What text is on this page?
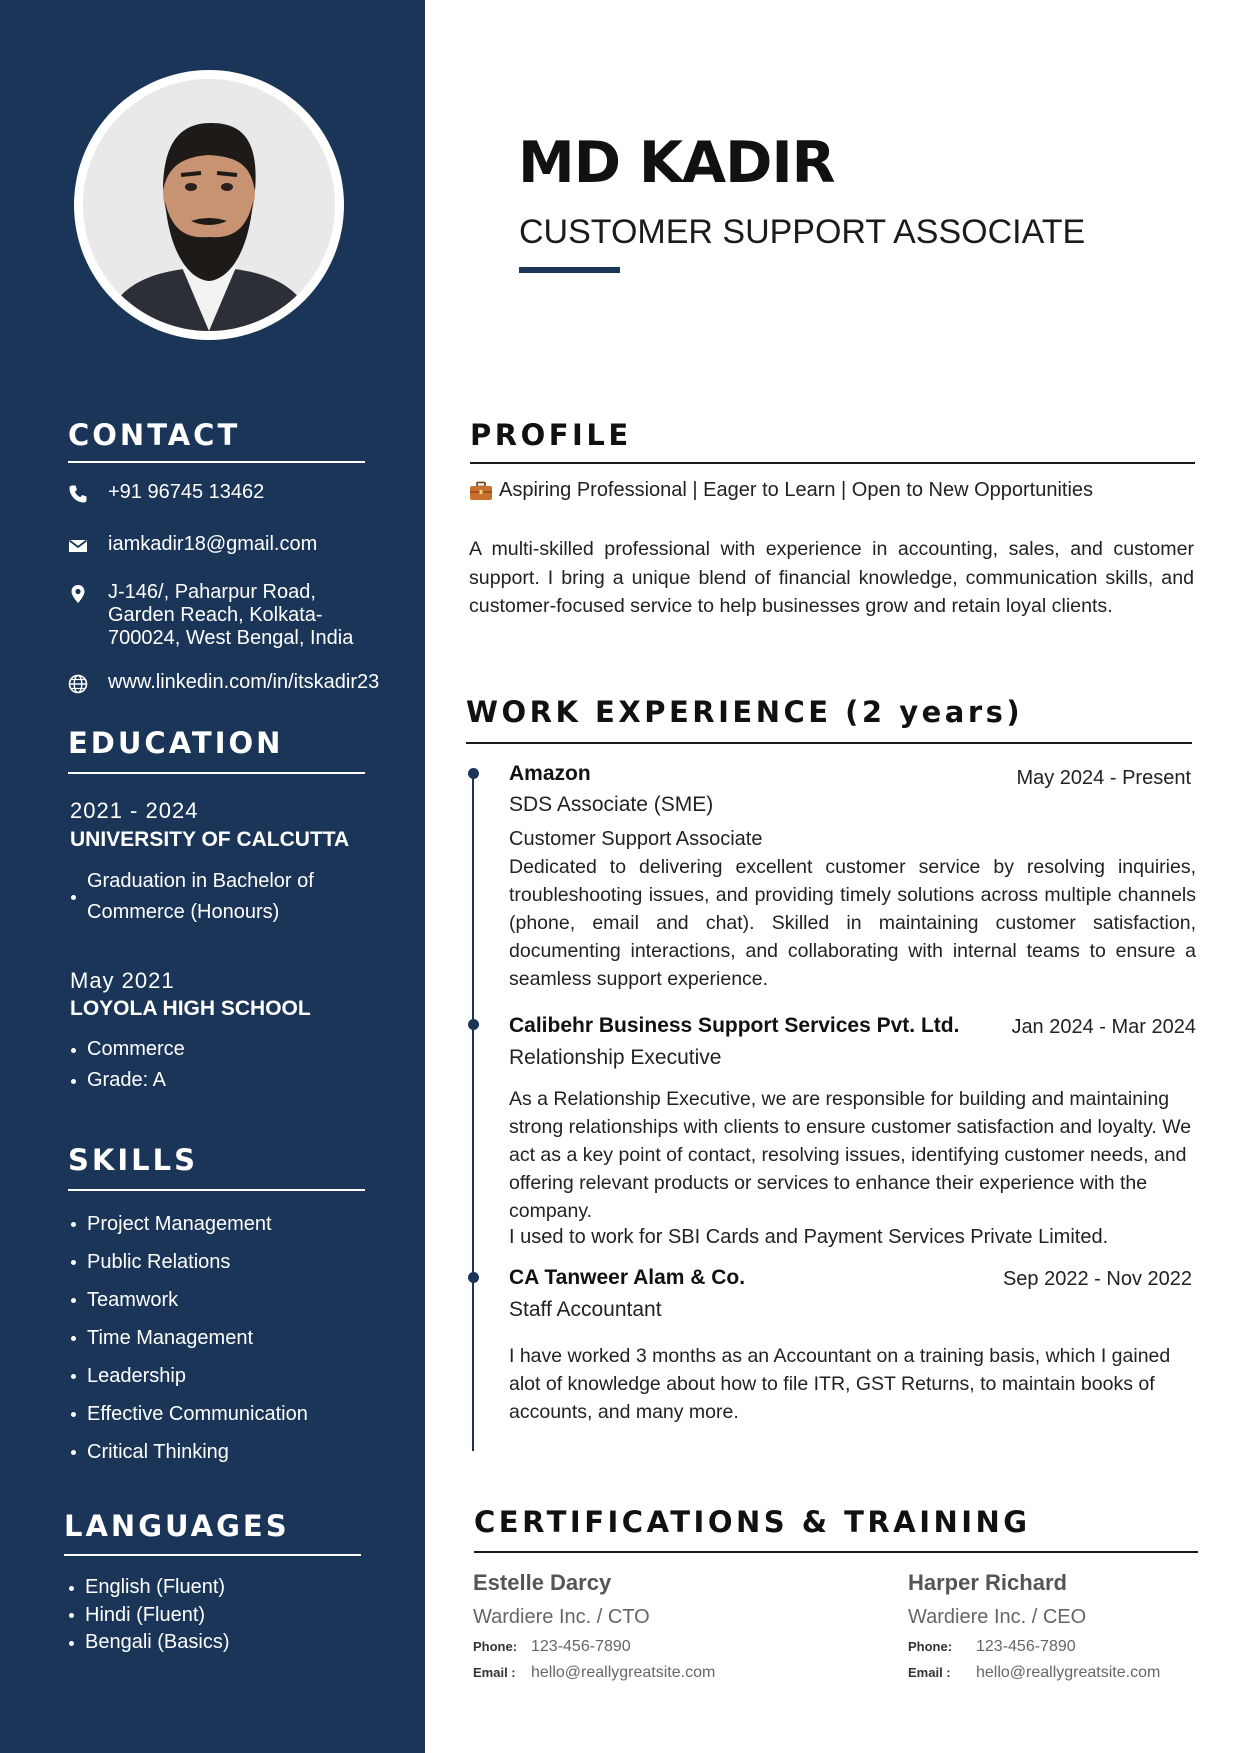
CONTACT
+91 96745 13462
iamkadir18@gmail.com
J-146/, Paharpur Road,
Garden Reach, Kolkata-
700024, West Bengal, India
www.linkedin.com/in/itskadir23
EDUCATION
2021 - 2024
UNIVERSITY OF CALCUTTA
Graduation in Bachelor of
Commerce (Honours)
May 2021
LOYOLA HIGH SCHOOL
Commerce
Grade: A
SKILLS
Project Management
Public Relations
Teamwork
Time Management
Leadership
Effective Communication
Critical Thinking
LANGUAGES
English (Fluent)
Hindi (Fluent)
Bengali (Basics)
MD KADIR
CUSTOMER SUPPORT ASSOCIATE
PROFILE
Aspiring Professional | Eager to Learn | Open to New Opportunities

A multi-skilled professional with experience in accounting, sales, and customer support. I bring a unique blend of financial knowledge, communication skills, and customer-focused service to help businesses grow and retain loyal clients.

WORK EXPERIENCE (2 years)
Amazon	May 2024 - Present
SDS Associate (SME)
Customer Support Associate

Dedicated to delivering excellent customer service by resolving inquiries, troubleshooting issues, and providing timely solutions across multiple channels (phone, email and chat). Skilled in maintaining customer satisfaction, documenting interactions, and collaborating with internal teams to ensure a seamless support experience.

Calibehr Business Support Services Pvt. Ltd.	Jan 2024 - Mar 2024
Relationship Executive

As a Relationship Executive, we are responsible for building and maintaining strong relationships with clients to ensure customer satisfaction and loyalty. We act as a key point of contact, resolving issues, identifying customer needs, and offering relevant products or services to enhance their experience with the company.

I used to work for SBI Cards and Payment Services Private Limited.
CA Tanweer Alam & Co.	Sep 2022 - Nov 2022
Staff Accountant

I have worked 3 months as an Accountant on a training basis, which I gained alot of knowledge about how to file ITR, GST Returns, to maintain books of accounts, and many more.

CERTIFICATIONS & TRAINING
Estelle Darcy
Wardiere Inc. / CTO
Phone: 123-456-7890
Email : hello@reallygreatsite.com
Harper Richard
Wardiere Inc. / CEO
Phone: 123-456-7890
Email : hello@reallygreatsite.com
